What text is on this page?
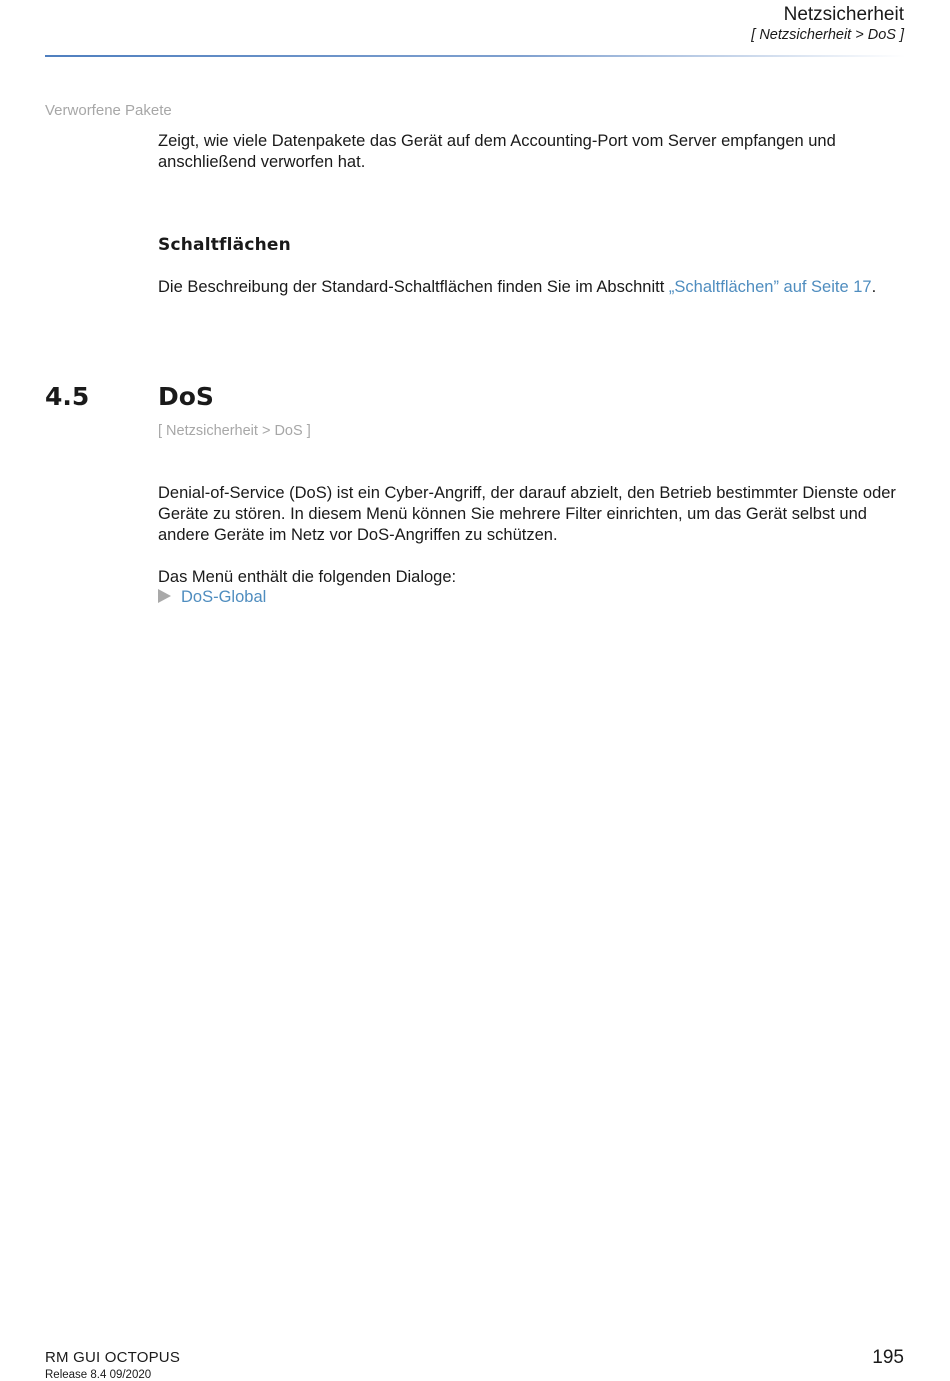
Netzsicherheit
[ Netzsicherheit > DoS ]
Verworfene Pakete
Zeigt, wie viele Datenpakete das Gerät auf dem Accounting-Port vom Server empfangen und anschließend verworfen hat.
Schaltflächen
Die Beschreibung der Standard-Schaltflächen finden Sie im Abschnitt „Schaltflächen” auf Seite 17.
4.5	DoS
[ Netzsicherheit > DoS ]
Denial-of-Service (DoS) ist ein Cyber-Angriff, der darauf abzielt, den Betrieb bestimmter Dienste oder Geräte zu stören. In diesem Menü können Sie mehrere Filter einrichten, um das Gerät selbst und andere Geräte im Netz vor DoS-Angriffen zu schützen.
Das Menü enthält die folgenden Dialoge:
DoS-Global
RM GUI OCTOPUS
Release 8.4 09/2020
195
